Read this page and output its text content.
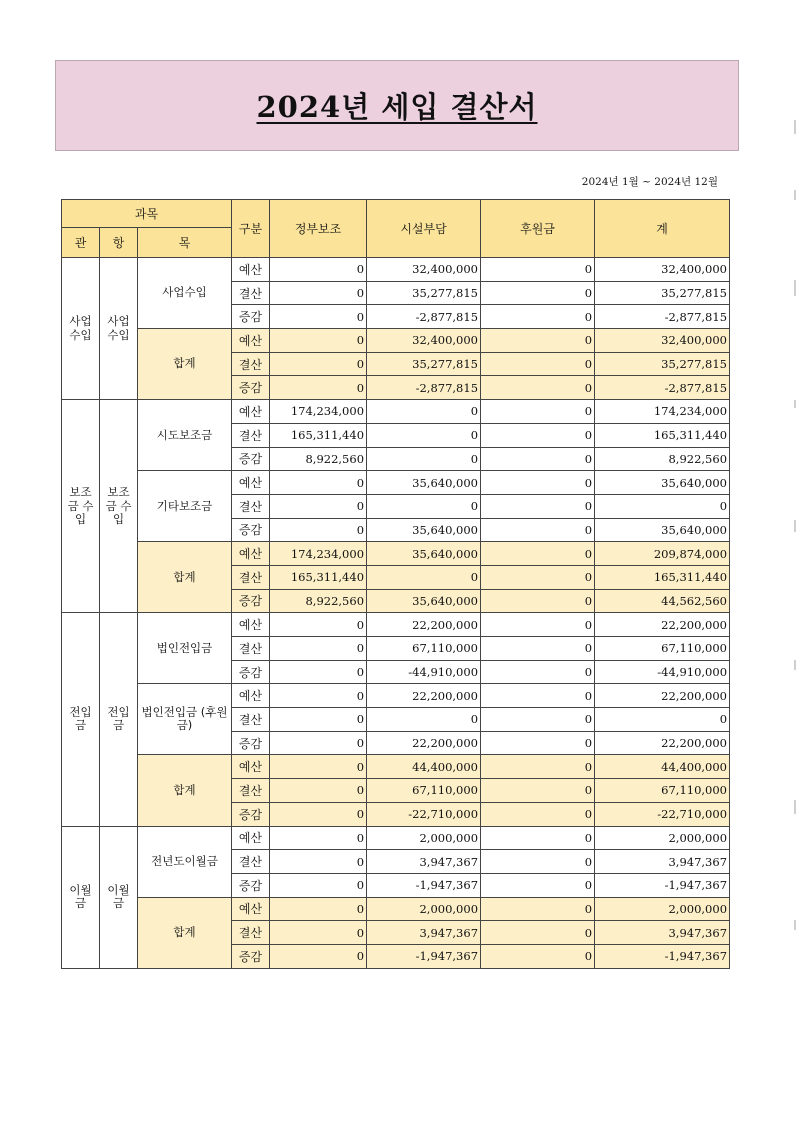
2024년 세입 결산서
2024년 1월 ~ 2024년 12월
과목			구분	정부보조	시설부담	후원금	계
관	항	목					
사업 수입	사업 수입	사업수입	예산	0	32,400,000	0	32,400,000
			결산	0	35,277,815	0	35,277,815
			증감	0	-2,877,815	0	-2,877,815
		합계	예산	0	32,400,000	0	32,400,000
			결산	0	35,277,815	0	35,277,815
			증감	0	-2,877,815	0	-2,877,815
보조금 수입	보조금 수입	시도보조금	예산	174,234,000	0	0	174,234,000
			결산	165,311,440	0	0	165,311,440
			증감	8,922,560	0	0	8,922,560
		기타보조금	예산	0	35,640,000	0	35,640,000
			결산	0	0	0	0
			증감	0	35,640,000	0	35,640,000
		합계	예산	174,234,000	35,640,000	0	209,874,000
			결산	165,311,440	0	0	165,311,440
			증감	8,922,560	35,640,000	0	44,562,560
전입금	전입금	법인전입금	예산	0	22,200,000	0	22,200,000
			결산	0	67,110,000	0	67,110,000
			증감	0	-44,910,000	0	-44,910,000
		법인전입금 (후원금)	예산	0	22,200,000	0	22,200,000
			결산	0	0	0	0
			증감	0	22,200,000	0	22,200,000
		합계	예산	0	44,400,000	0	44,400,000
			결산	0	67,110,000	0	67,110,000
			증감	0	-22,710,000	0	-22,710,000
이월금	이월금	전년도이월금	예산	0	2,000,000	0	2,000,000
			결산	0	3,947,367	0	3,947,367
			증감	0	-1,947,367	0	-1,947,367
		합계	예산	0	2,000,000	0	2,000,000
			결산	0	3,947,367	0	3,947,367
			증감	0	-1,947,367	0	-1,947,367
